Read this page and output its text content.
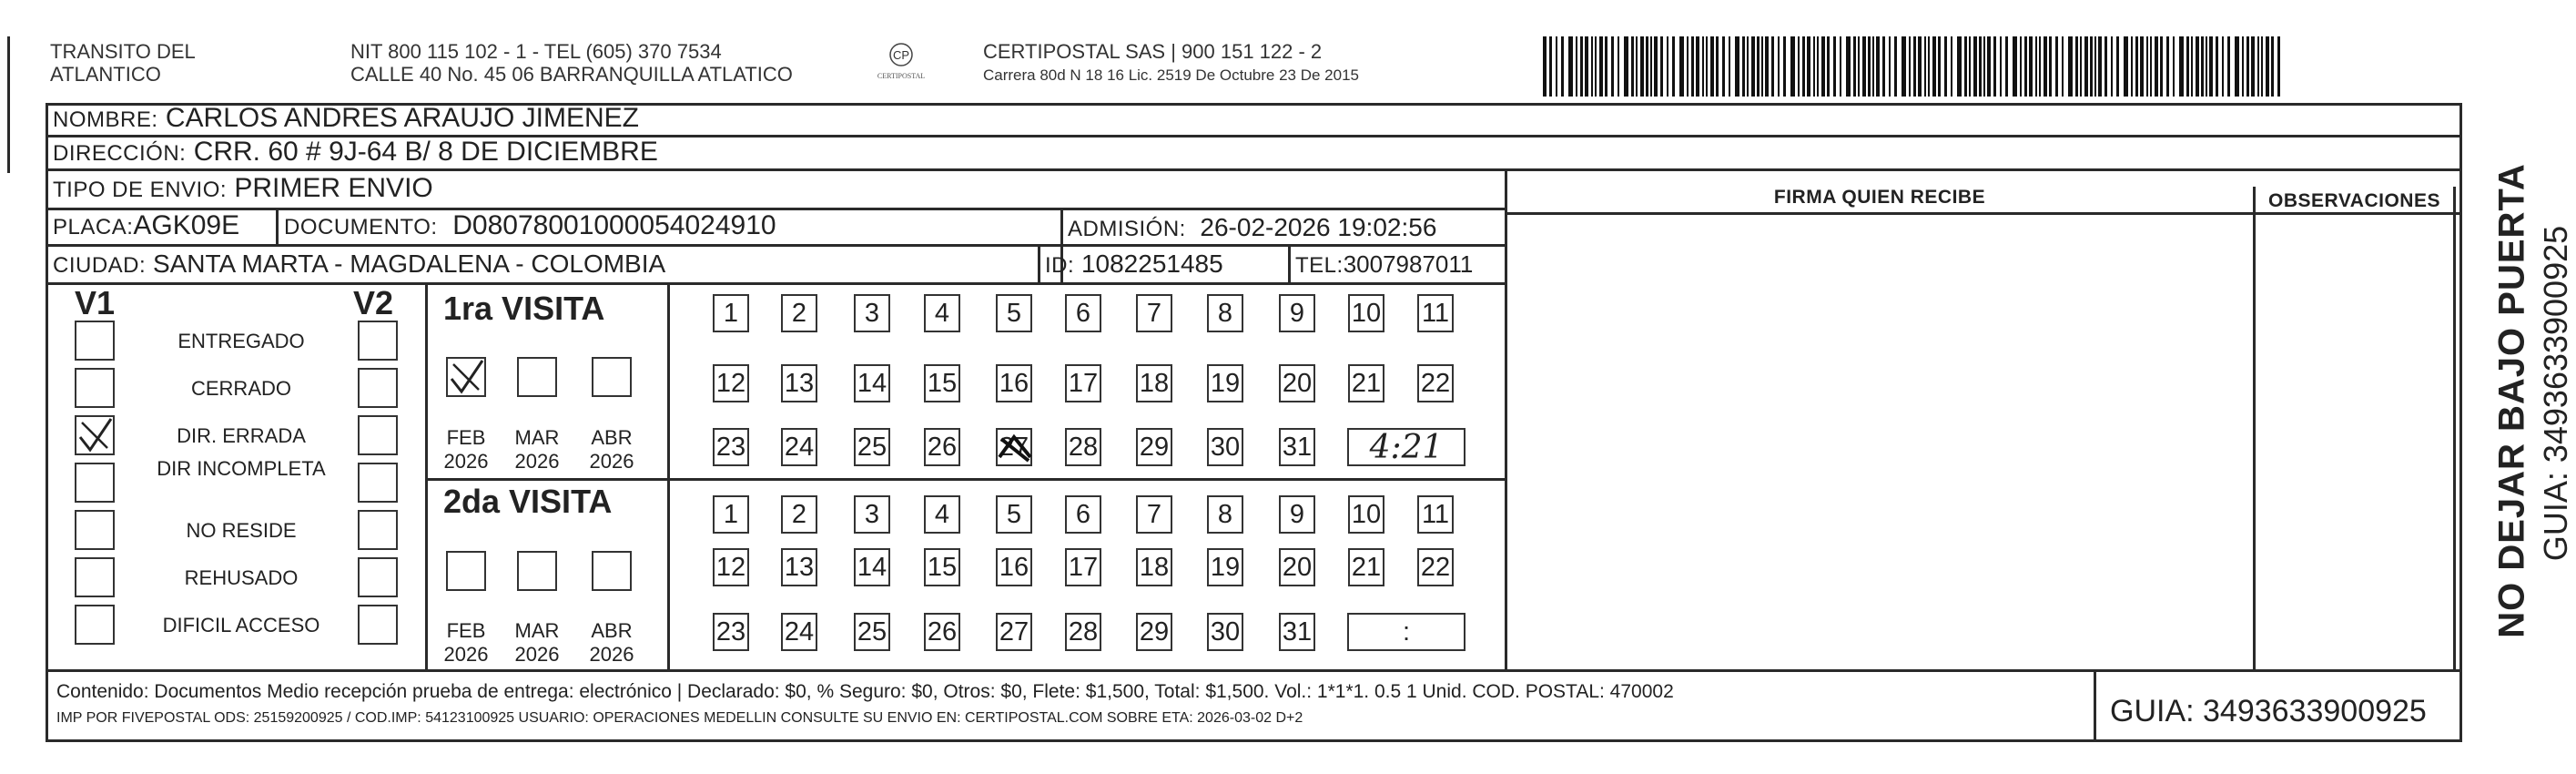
TRANSITO DEL
ATLANTICO
NIT 800 115 102 - 1 - TEL (605) 370 7534
CALLE 40 No. 45 06 BARRANQUILLA ATLATICO
CP
CERTIPOSTAL
CERTIPOSTAL SAS | 900 151 122 - 2
Carrera 80d N 18 16 Lic. 2519 De Octubre 23 De 2015
NOMBRE: CARLOS ANDRES ARAUJO JIMENEZ
DIRECCIÓN: CRR. 60 # 9J-64 B/ 8 DE DICIEMBRE
TIPO DE ENVIO: PRIMER ENVIO
PLACA:AGK09E DOCUMENTO: D08078001000054024910	ADMISIÓN: 26-02-2026 19:02:56
CIUDAD: SANTA MARTA - MAGDALENA - COLOMBIA	ID: 1082251485	TEL:3007987011
FIRMA QUIEN RECIBE	OBSERVACIONES
V1	V2
ENTREGADO
CERRADO
DIR. ERRADA
DIR INCOMPLETA
NO RESIDE
REHUSADO
DIFICIL ACCESO
1ra VISITA
2da VISITA
FEB
2026
MAR
2026
ABR
2026
FEB
2026
MAR
2026
ABR
2026
1 2 3 4 5 6 7 8 9 10 11
12 13 14 15 16 17 18 19 20 21 22
23 24 25 26 27 28 29 30 31	4:21
1 2 3 4 5 6 7 8 9 10 11
12 13 14 15 16 17 18 19 20 21 22
23 24 25 26 27 28 29 30 31	:	NO DEJAR BAJO PUERTA GUIA: 3493633900925
Contenido: Documentos Medio recepción prueba de entrega: electrónico | Declarado: $0, % Seguro: $0, Otros: $0, Flete: $1,500, Total: $1,500. Vol.: 1*1*1. 0.5 1 Unid. COD. POSTAL: 470002
IMP POR FIVEPOSTAL ODS: 25159200925 / COD.IMP: 54123100925 USUARIO: OPERACIONES MEDELLIN CONSULTE SU ENVIO EN: CERTIPOSTAL.COM SOBRE ETA: 2026-03-02 D+2	GUIA: 3493633900925
